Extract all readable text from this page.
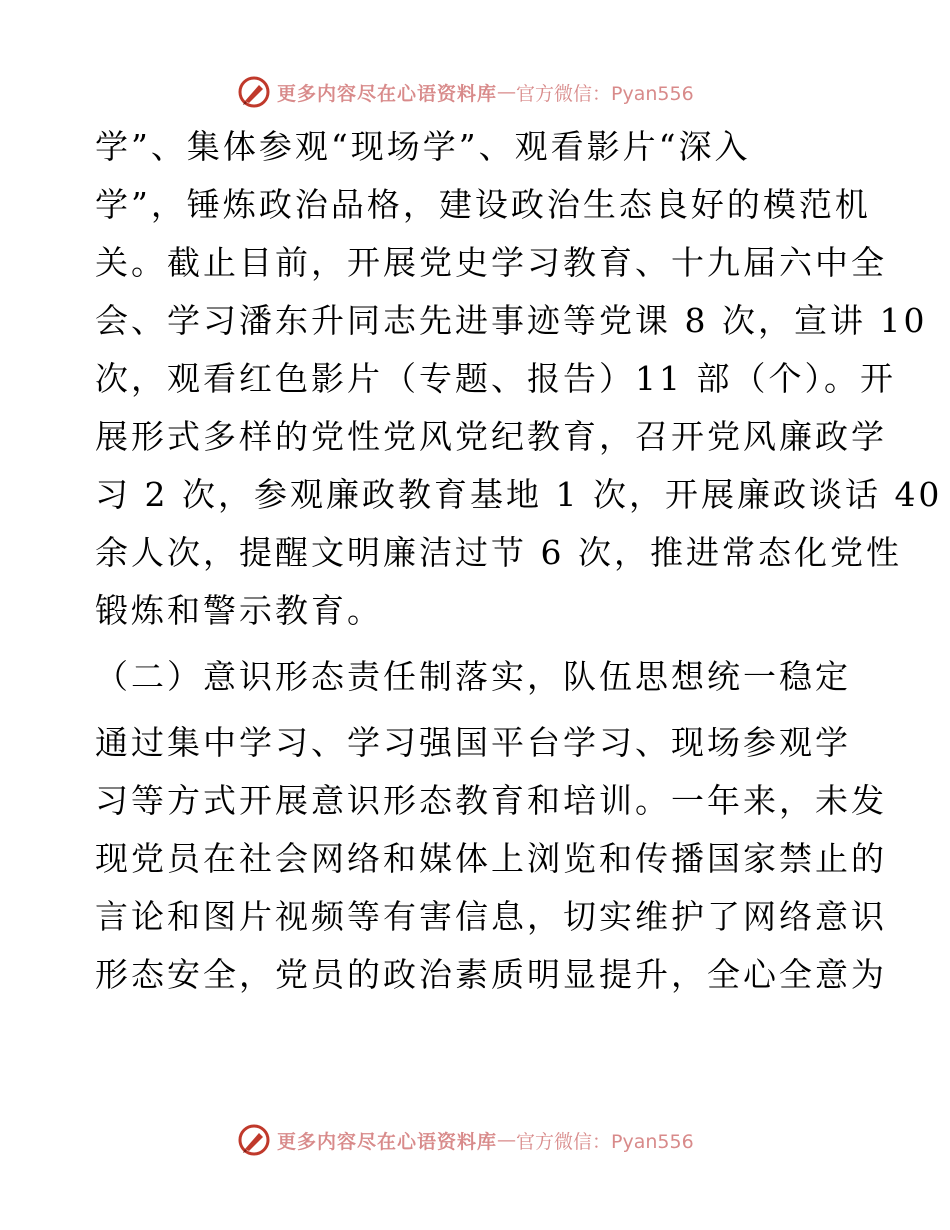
更多内容尽在心语资料库 — 官方微信：Pyan556
学”、集体参观“现场学”、观看影片“深入
学”，锤炼政治品格，建设政治生态良好的模范机
关。截止目前，开展党史学习教育、十九届六中全
会、学习潘东升同志先进事迹等党课 8 次，宣讲 10
次，观看红色影片（专题、报告）11 部（个）。开
展形式多样的党性党风党纪教育，召开党风廉政学
习 2 次，参观廉政教育基地 1 次，开展廉政谈话 40
余人次，提醒文明廉洁过节 6 次，推进常态化党性
锻炼和警示教育。
（二）意识形态责任制落实，队伍思想统一稳定
通过集中学习、学习强国平台学习、现场参观学
习等方式开展意识形态教育和培训。一年来，未发
现党员在社会网络和媒体上浏览和传播国家禁止的
言论和图片视频等有害信息，切实维护了网络意识
形态安全，党员的政治素质明显提升，全心全意为
更多内容尽在心语资料库 — 官方微信：Pyan556
